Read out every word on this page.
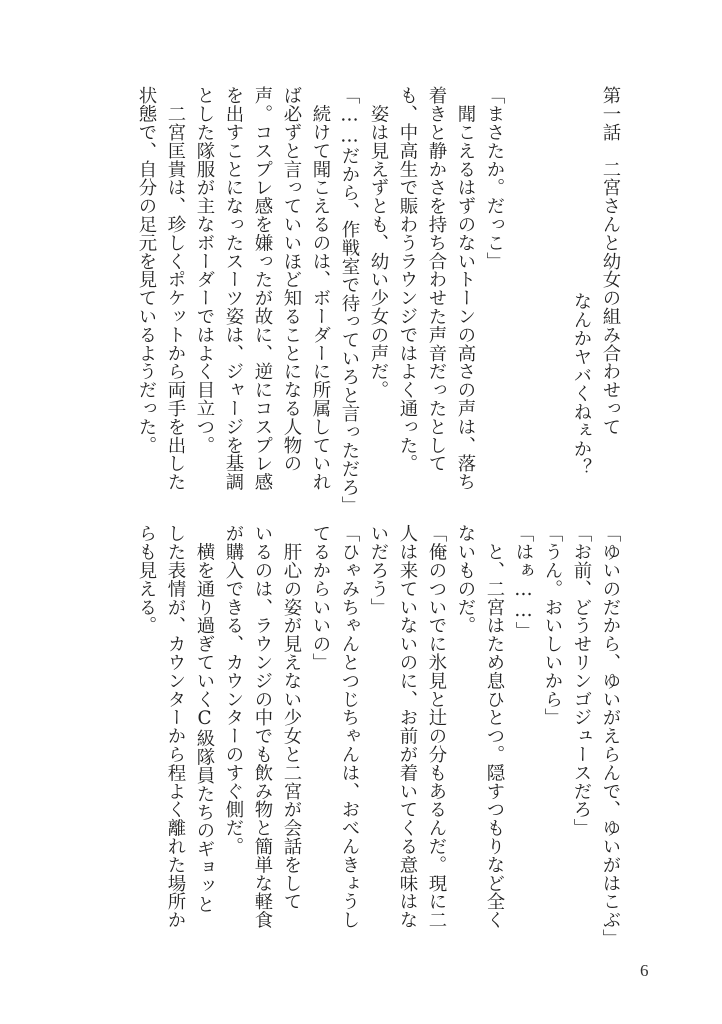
第一話　二宮さんと幼女の組み合わせって
なんかヤバくねぇか？
「まさたか。だっこ」
　聞こえるはずのないトーンの高さの声は、落ち
着きと静かさを持ち合わせた声音だったとして
も、中高生で賑わうラウンジではよく通った。
　姿は見えずとも、幼い少女の声だ。
「……だから、作戦室で待っていろと言っただろ」
　続けて聞こえるのは、ボーダーに所属していれ
ば必ずと言っていいほど知ることになる人物の
声。コスプレ感を嫌ったが故に、逆にコスプレ感
を出すことになったスーツ姿は、ジャージを基調
とした隊服が主なボーダーではよく目立つ。
　二宮匡貴は、珍しくポケットから両手を出した
状態で、自分の足元を見ているようだった。
「ゆいのだから、ゆいがえらんで、ゆいがはこぶ」
「お前、どうせリンゴジュースだろ」
「うん。おいしいから」
「はぁ……」
　と、二宮はため息ひとつ。隠すつもりなど全く
ないものだ。
「俺のついでに氷見と辻の分もあるんだ。現に二
人は来ていないのに、お前が着いてくる意味はな
いだろう」
「ひゃみちゃんとつじちゃんは、おべんきょうし
てるからいいの」
　肝心の姿が見えない少女と二宮が会話をして
いるのは、ラウンジの中でも飲み物と簡単な軽食
が購入できる、カウンターのすぐ側だ。
　横を通り過ぎていくC級隊員たちのギョッと
した表情が、カウンターから程よく離れた場所か
らも見える。
6
